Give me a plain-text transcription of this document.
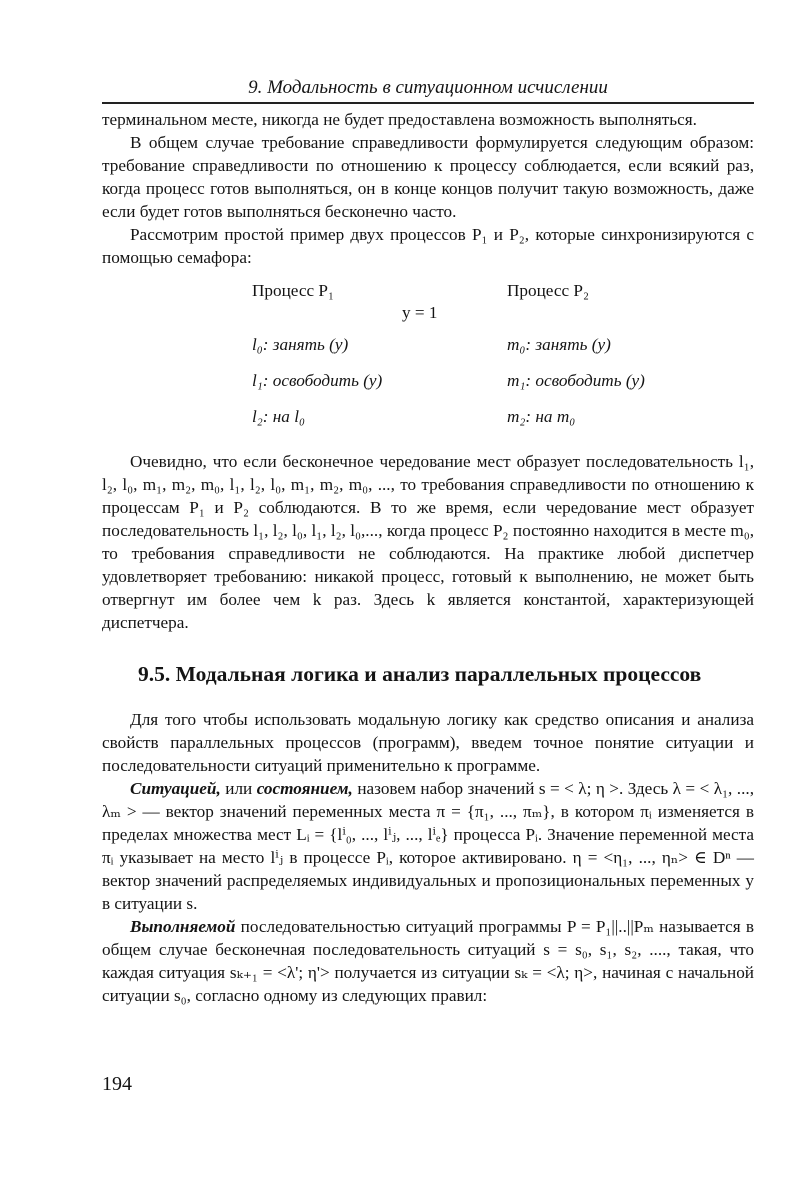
9. Модальность в ситуационном исчислении

терминальном месте, никогда не будет предоставлена возможность выполняться.

В общем случае требование справедливости формулируется следующим образом: требование справедливости по отношению к процессу соблюдается, если всякий раз, когда процесс готов выполняться, он в конце концов получит такую возможность, даже если будет готов выполняться бесконечно часто.

Рассмотрим простой пример двух процессов P₁ и P₂, которые синхронизируются с помощью семафора:

Процесс P₁	Процесс P₂
y = 1
l₀: занять (y)	m₀: занять (y)
l₁: освободить (y)	m₁: освободить (y)
l₂: на l₀	m₂: на m₀

Очевидно, что если бесконечное чередование мест образует последовательность l₁, l₂, l₀, m₁, m₂, m₀, l₁, l₂, l₀, m₁, m₂, m₀, ..., то требования справедливости по отношению к процессам P₁ и P₂ соблюдаются. В то же время, если чередование мест образует последовательность l₁, l₂, l₀, l₁, l₂, l₀,..., когда процесс P₂ постоянно находится в месте m₀, то требования справедливости не соблюдаются. На практике любой диспетчер удовлетворяет требованию: никакой процесс, готовый к выполнению, не может быть отвергнут им более чем k раз. Здесь k является константой, характеризующей диспетчера.

9.5. Модальная логика и анализ параллельных процессов

Для того чтобы использовать модальную логику как средство описания и анализа свойств параллельных процессов (программ), введем точное понятие ситуации и последовательности ситуаций применительно к программе.

Ситуацией, или состоянием, назовем набор значений s = < λ; η >. Здесь λ = < λ₁, ..., λₘ > — вектор значений переменных места π = {π₁, ..., πₘ}, в котором πᵢ изменяется в пределах множества мест Lᵢ = {lⁱ₀, ..., lⁱⱼ, ..., lⁱₑ} процесса Pᵢ. Значение переменной места πᵢ указывает на место lⁱⱼ в процессе Pᵢ, которое активировано. η = <η₁, ..., ηₙ> ∈ Dⁿ — вектор значений распределяемых индивидуальных и пропозициональных переменных y в ситуации s.

Выполняемой последовательностью ситуаций программы P = P₁||..||Pₘ называется в общем случае бесконечная последовательность ситуаций s = s₀, s₁, s₂, ...., такая, что каждая ситуация sₖ₊₁ = <λ'; η'> получается из ситуации sₖ = <λ; η>, начиная с начальной ситуации s₀, согласно одному из следующих правил:

194
